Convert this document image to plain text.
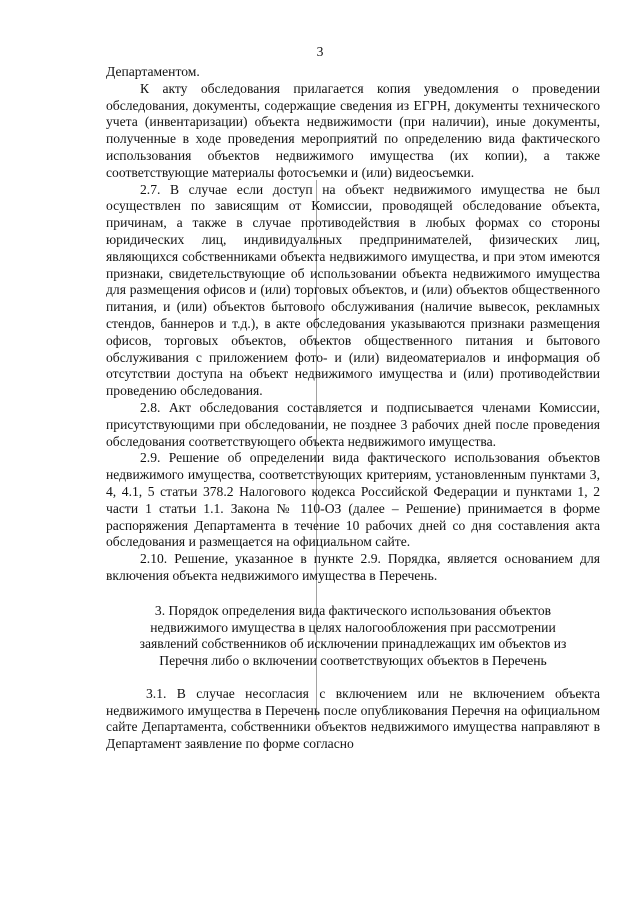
3

Департаментом.

К акту обследования прилагается копия уведомления о проведении обследования, документы, содержащие сведения из ЕГРН, документы технического учета (инвентаризации) объекта недвижимости (при наличии), иные документы, полученные в ходе проведения мероприятий по определению вида фактического использования объектов недвижимого имущества (их копии), а также соответствующие материалы фотосъемки и (или) видеосъемки.

2.7. В случае если доступ на объект недвижимого имущества не был осуществлен по зависящим от Комиссии, проводящей обследование объекта, причинам, а также в случае противодействия в любых формах со стороны юридических лиц, индивидуальных предпринимателей, физических лиц, являющихся собственниками объекта недвижимого имущества, и при этом имеются признаки, свидетельствующие об использовании объекта недвижимого имущества для размещения офисов и (или) торговых объектов, и (или) объектов общественного питания, и (или) объектов бытового обслуживания (наличие вывесок, рекламных стендов, баннеров и т.д.), в акте обследования указываются признаки размещения офисов, торговых объектов, объектов общественного питания и бытового обслуживания с приложением фото- и (или) видеоматериалов и информация об отсутствии доступа на объект недвижимого имущества и (или) противодействии проведению обследования.

2.8. Акт обследования составляется и подписывается членами Комиссии, присутствующими при обследовании, не позднее 3 рабочих дней после проведения обследования соответствующего объекта недвижимого имущества.

2.9. Решение об определении вида фактического использования объектов недвижимого имущества, соответствующих критериям, установленным пунктами 3, 4, 4.1, 5 статьи 378.2 Налогового кодекса Российской Федерации и пунктами 1, 2 части 1 статьи 1.1. Закона № 110-ОЗ (далее – Решение) принимается в форме распоряжения Департамента в течение 10 рабочих дней со дня составления акта обследования и размещается на официальном сайте.

2.10. Решение, указанное в пункте 2.9. Порядка, является основанием для включения объекта недвижимого имущества в Перечень.

3. Порядок определения вида фактического использования объектов
недвижимого имущества в целях налогообложения при рассмотрении
заявлений собственников об исключении принадлежащих им объектов из
Перечня либо о включении соответствующих объектов в Перечень

3.1. В случае несогласия с включением или не включением объекта недвижимого имущества в Перечень после опубликования Перечня на официальном сайте Департамента, собственники объектов недвижимого имущества направляют в Департамент заявление по форме согласно
